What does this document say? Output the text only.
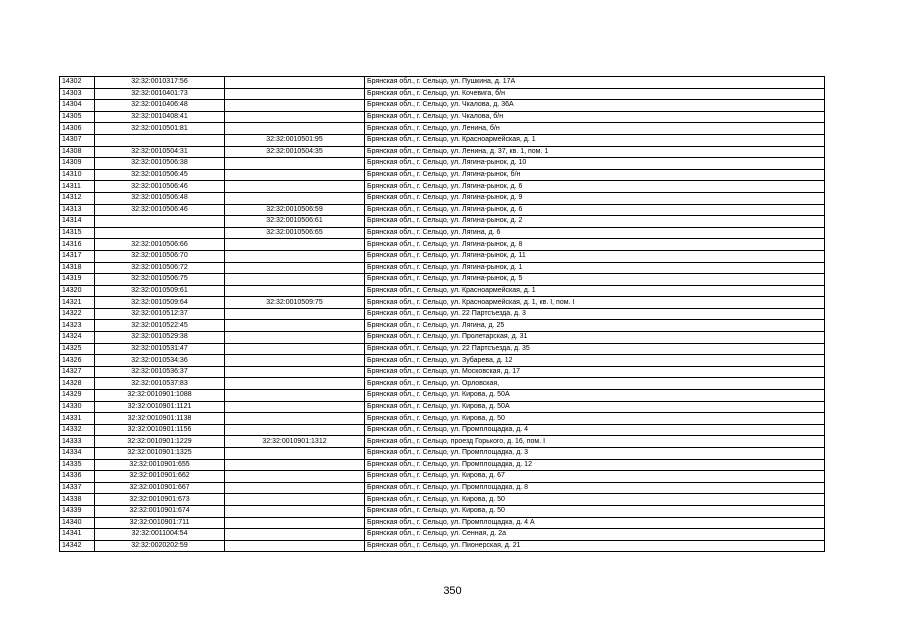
14302	32:32:0010317:56		Брянская обл., г. Сельцо, ул. Пушкина, д. 17А
14303	32:32:0010401:73		Брянская обл., г. Сельцо, ул. Кочевига, б/н
14304	32:32:0010406:48		Брянская обл., г. Сельцо, ул. Чкалова, д. 36А
14305	32:32:0010408:41		Брянская обл., г. Сельцо, ул. Чкалова, б/н
14306	32:32:0010501:81		Брянская обл., г. Сельцо, ул. Ленина, б/н
14307		32:32:0010501:95	Брянская обл., г. Сельцо, ул. Красноармейская, д. 1
14308	32:32:0010504:31	32:32:0010504:35	Брянская обл., г. Сельцо, ул. Ленина, д. 37, кв. 1, пом. 1
14309	32:32:0010506:38		Брянская обл., г. Сельцо, ул. Лягина-рынок, д. 10
14310	32:32:0010506:45		Брянская обл., г. Сельцо, ул. Лягина-рынок, б/н
14311	32:32:0010506:46		Брянская обл., г. Сельцо, ул. Лягина-рынок, д. 6
14312	32:32:0010506:48		Брянская обл., г. Сельцо, ул. Лягина-рынок, д. 9
14313	32:32:0010506:46	32:32:0010506:59	Брянская обл., г. Сельцо, ул. Лягина-рынок, д. 6
14314		32:32:0010506:61	Брянская обл., г. Сельцо, ул. Лягина-рынок, д. 2
14315		32:32:0010506:65	Брянская обл., г. Сельцо, ул. Лягина, д. 6
14316	32:32:0010506:66		Брянская обл., г. Сельцо, ул. Лягина-рынок, д. 8
14317	32:32:0010506:70		Брянская обл., г. Сельцо, ул. Лягина-рынок, д. 11
14318	32:32:0010506:72		Брянская обл., г. Сельцо, ул. Лягина-рынок, д. 1
14319	32:32:0010506:75		Брянская обл., г. Сельцо, ул. Лягина-рынок, д. 5
14320	32:32:0010509:61		Брянская обл., г. Сельцо, ул. Красноармейская, д. 1
14321	32:32:0010509:64	32:32:0010509:75	Брянская обл., г. Сельцо, ул. Красноармейская, д. 1, кв. I, пом. I
14322	32:32:0010512:37		Брянская обл., г. Сельцо, ул. 22 Партсъезда, д. 3
14323	32:32:0010522:45		Брянская обл., г. Сельцо, ул. Лягина, д. 25
14324	32:32:0010529:38		Брянская обл., г. Сельцо, ул. Пролетарская, д. 31
14325	32:32:0010531:47		Брянская обл., г. Сельцо, ул. 22 Партсъезда, д. 35
14326	32:32:0010534:36		Брянская обл., г. Сельцо, ул. Зубарева, д. 12
14327	32:32:0010536:37		Брянская обл., г. Сельцо, ул. Московская, д. 17
14328	32:32:0010537:83		Брянская обл., г. Сельцо, ул. Орловская,
14329	32:32:0010901:1088		Брянская обл., г. Сельцо, ул. Кирова, д. 50А
14330	32:32:0010901:1121		Брянская обл., г. Сельцо, ул. Кирова, д. 50А
14331	32:32:0010901:1138		Брянская обл., г. Сельцо, ул. Кирова, д. 50
14332	32:32:0010901:1156		Брянская обл., г. Сельцо, ул. Промплощадка, д. 4
14333	32:32:0010901:1229	32:32:0010901:1312	Брянская обл., г. Сельцо, проезд Горького, д. 16, пом. I
14334	32:32:0010901:1325		Брянская обл., г. Сельцо, ул. Промплощадка, д. 3
14335	32:32:0010901:655		Брянская обл., г. Сельцо, ул. Промплощадка, д. 12
14336	32:32:0010901:662		Брянская обл., г. Сельцо, ул. Кирова, д. 67
14337	32:32:0010901:667		Брянская обл., г. Сельцо, ул. Промплощадка, д. 8
14338	32:32:0010901:673		Брянская обл., г. Сельцо, ул. Кирова, д. 50
14339	32:32:0010901:674		Брянская обл., г. Сельцо, ул. Кирова, д. 50
14340	32:32:0010901:711		Брянская обл., г. Сельцо, ул. Промплощадка, д. 4 А
14341	32:32:0011004:54		Брянская обл., г. Сельцо, ул. Сенная, д. 2а
14342	32:32:0020202:59		Брянская обл., г. Сельцо, ул. Пионерская, д. 21
350
